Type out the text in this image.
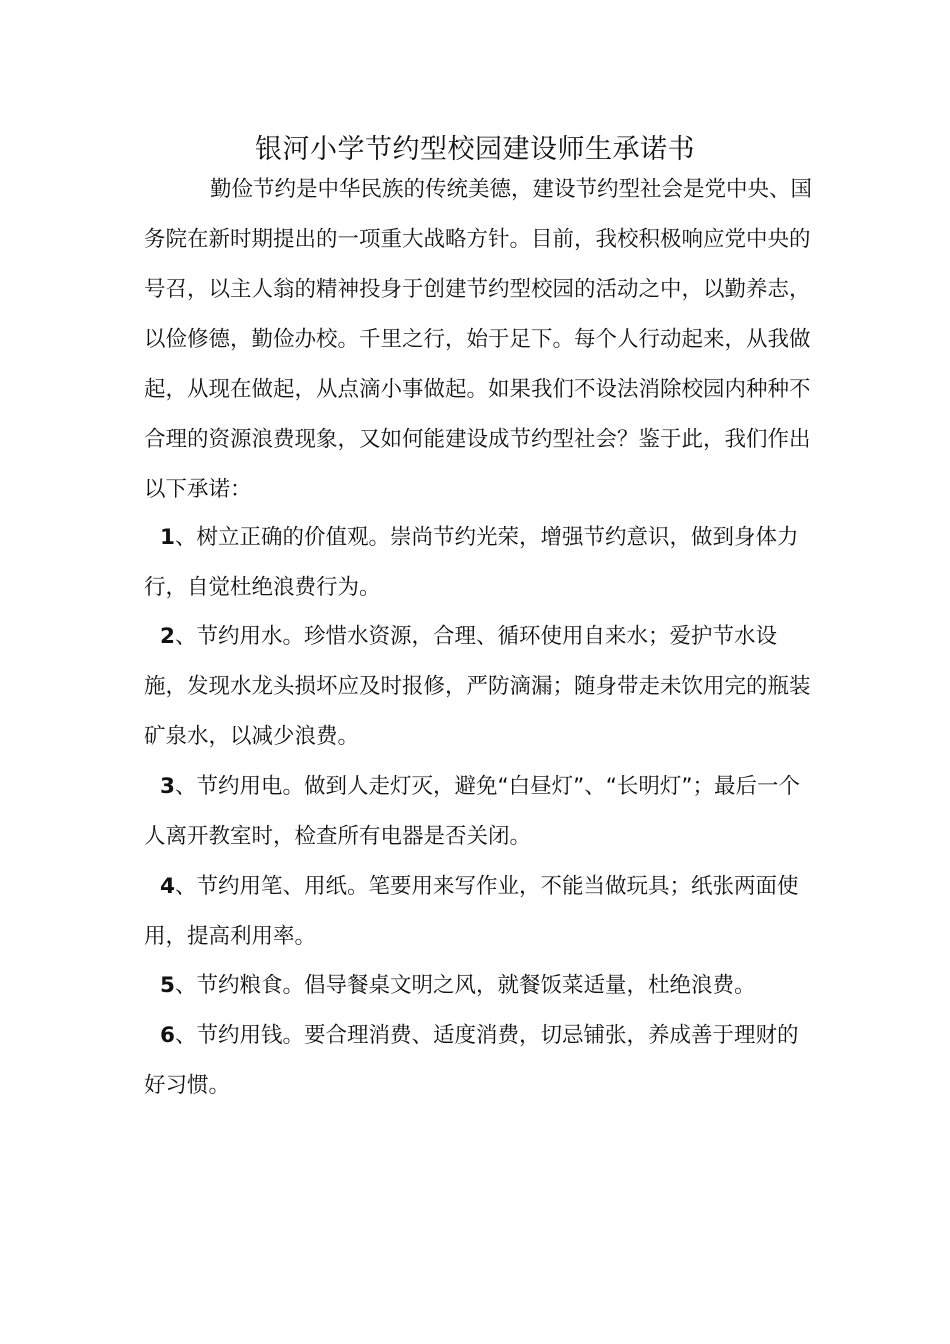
银河小学节约型校园建设师生承诺书

勤俭节约是中华民族的传统美德，建设节约型社会是党中央、国务院在新时期提出的一项重大战略方针。目前，我校积极响应党中央的号召，以主人翁的精神投身于创建节约型校园的活动之中，以勤养志，以俭修德，勤俭办校。千里之行，始于足下。每个人行动起来，从我做起，从现在做起，从点滴小事做起。如果我们不设法消除校园内种种不合理的资源浪费现象，又如何能建设成节约型社会？鉴于此，我们作出以下承诺：

1、树立正确的价值观。崇尚节约光荣，增强节约意识，做到身体力行，自觉杜绝浪费行为。

2、节约用水。珍惜水资源，合理、循环使用自来水；爱护节水设施，发现水龙头损坏应及时报修，严防滴漏；随身带走未饮用完的瓶装矿泉水，以减少浪费。

3、节约用电。做到人走灯灭，避免“白昼灯”、“长明灯”；最后一个人离开教室时，检查所有电器是否关闭。

4、节约用笔、用纸。笔要用来写作业，不能当做玩具；纸张两面使用，提高利用率。

5、节约粮食。倡导餐桌文明之风，就餐饭菜适量，杜绝浪费。

6、节约用钱。要合理消费、适度消费，切忌铺张，养成善于理财的好习惯。
